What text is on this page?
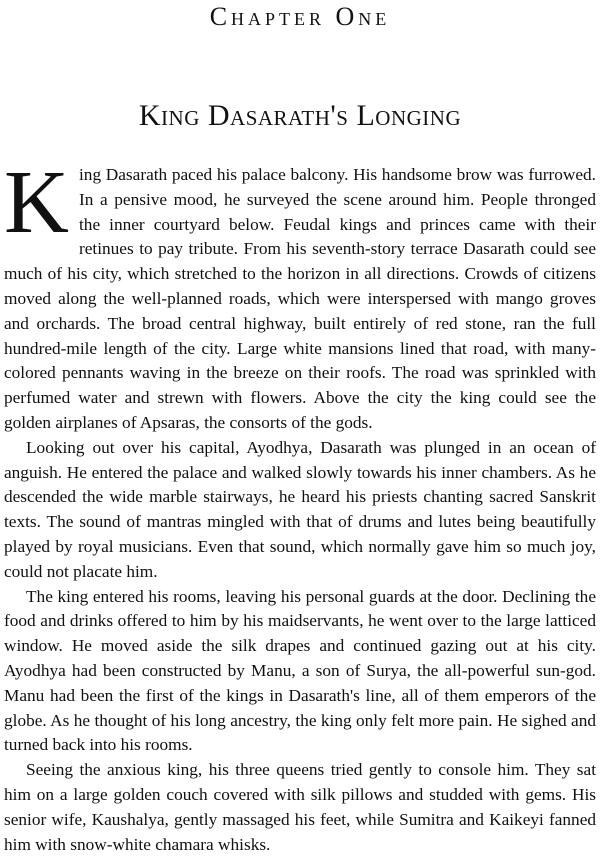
Chapter One
King Dasarath's Longing

King Dasarath paced his palace balcony. His handsome brow was furrowed. In a pensive mood, he surveyed the scene around him. People thronged the inner courtyard below. Feudal kings and princes came with their retinues to pay tribute. From his seventh-story terrace Dasarath could see much of his city, which stretched to the horizon in all directions. Crowds of citizens moved along the well-planned roads, which were interspersed with mango groves and orchards. The broad central highway, built entirely of red stone, ran the full hundred-mile length of the city. Large white mansions lined that road, with many-colored pennants waving in the breeze on their roofs. The road was sprinkled with perfumed water and strewn with flowers. Above the city the king could see the golden airplanes of Apsaras, the consorts of the gods.

Looking out over his capital, Ayodhya, Dasarath was plunged in an ocean of anguish. He entered the palace and walked slowly towards his inner chambers. As he descended the wide marble stairways, he heard his priests chanting sacred Sanskrit texts. The sound of mantras mingled with that of drums and lutes being beautifully played by royal musicians. Even that sound, which normally gave him so much joy, could not placate him.

The king entered his rooms, leaving his personal guards at the door. Declining the food and drinks offered to him by his maidservants, he went over to the large latticed window. He moved aside the silk drapes and continued gazing out at his city. Ayodhya had been constructed by Manu, a son of Surya, the all-powerful sun-god. Manu had been the first of the kings in Dasarath's line, all of them emperors of the globe. As he thought of his long ancestry, the king only felt more pain. He sighed and turned back into his rooms.

Seeing the anxious king, his three queens tried gently to console him. They sat him on a large golden couch covered with silk pillows and studded with gems. His senior wife, Kaushalya, gently massaged his feet, while Sumitra and Kaikeyi fanned him with snow-white chamara whisks.
